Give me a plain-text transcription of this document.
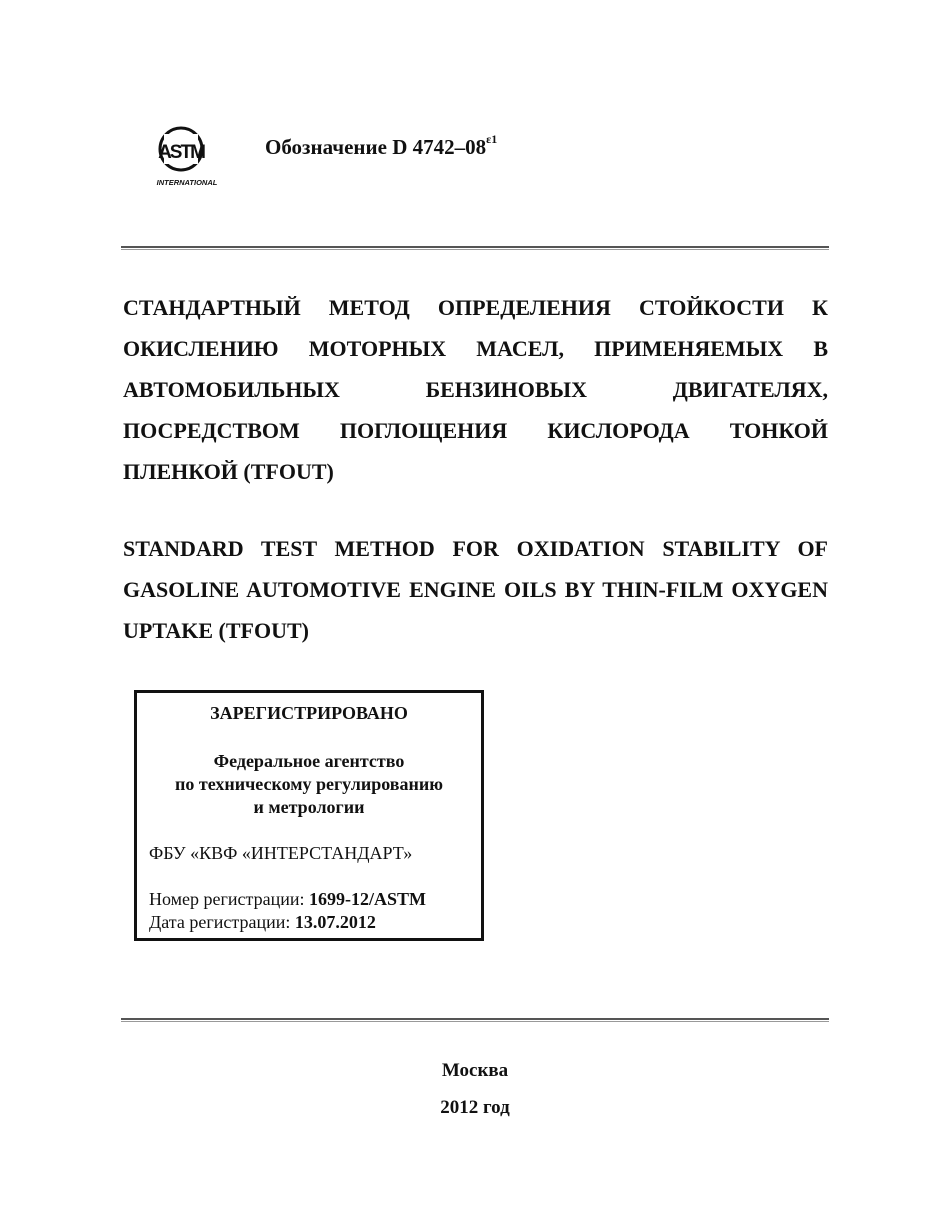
ASTM
INTERNATIONAL
Обозначение D $4742-08^{\varepsilon 1}$
СТАНДАРТНЫЙ МЕТОД ОПРЕДЕЛЕНИЯ СТОЙКОСТИ К ОКИСЛЕНИЮ МОТОРНЫХ МАСЕЛ, ПРИМЕНЯЕМЫХ В АВТОМОБИЛЬНЫХ БЕНЗИНОВЫХ ДВИГАТЕЛЯХ, ПОСРЕДСТВОМ ПОГЛОЩЕНИЯ КИСЛОРОДА ТОНКОЙ ПЛЕНКОЙ (TFOUT)
STANDARD TEST METHOD FOR OXIDATION STABILITY OF GASOLINE AUTOMOTIVE ENGINE OILS BY THIN-FILM OXYGEN UPTAKE (TFOUT)
ЗАРЕГИСТРИРОВАНО
Федеральное агентство
по техническому регулированию
и метрологии
ФБУ «КВФ «ИНТЕРСТАНДАРТ»
Номер регистрации: 1699-12/ASTM
Дата регистрации: 13.07.2012
Москва
2012 год
